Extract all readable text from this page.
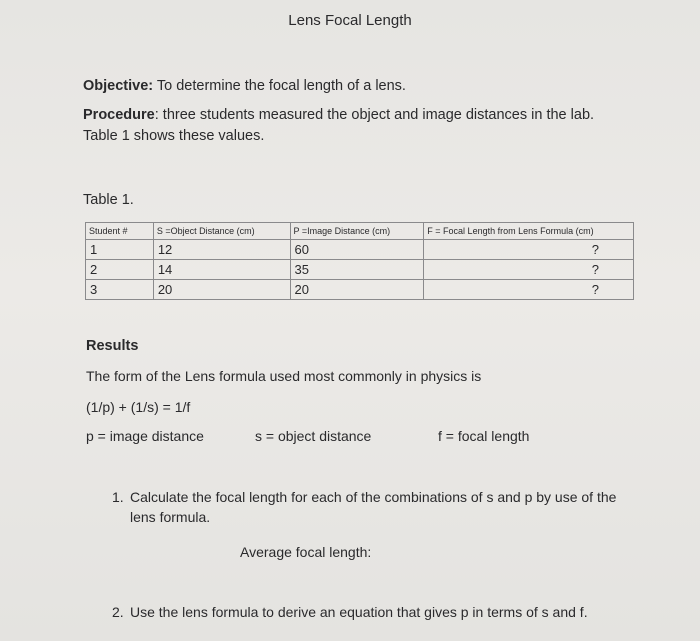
Lens Focal Length
Objective: To determine the focal length of a lens.
Procedure: three students measured the object and image distances in the lab. Table 1 shows these values.
Table 1.
Student #	S =Object Distance (cm)	P =Image Distance (cm)	F = Focal Length from Lens Formula (cm)
1	12	60	?
2	14	35	?
3	20	20	?
Results
The form of the Lens formula used most commonly in physics is
(1/p) + (1/s) = 1/f
p = image distance	s = object distance	f = focal length
1. Calculate the focal length for each of the combinations of s and p by use of the lens formula.
Average focal length:
2. Use the lens formula to derive an equation that gives p in terms of s and f.
